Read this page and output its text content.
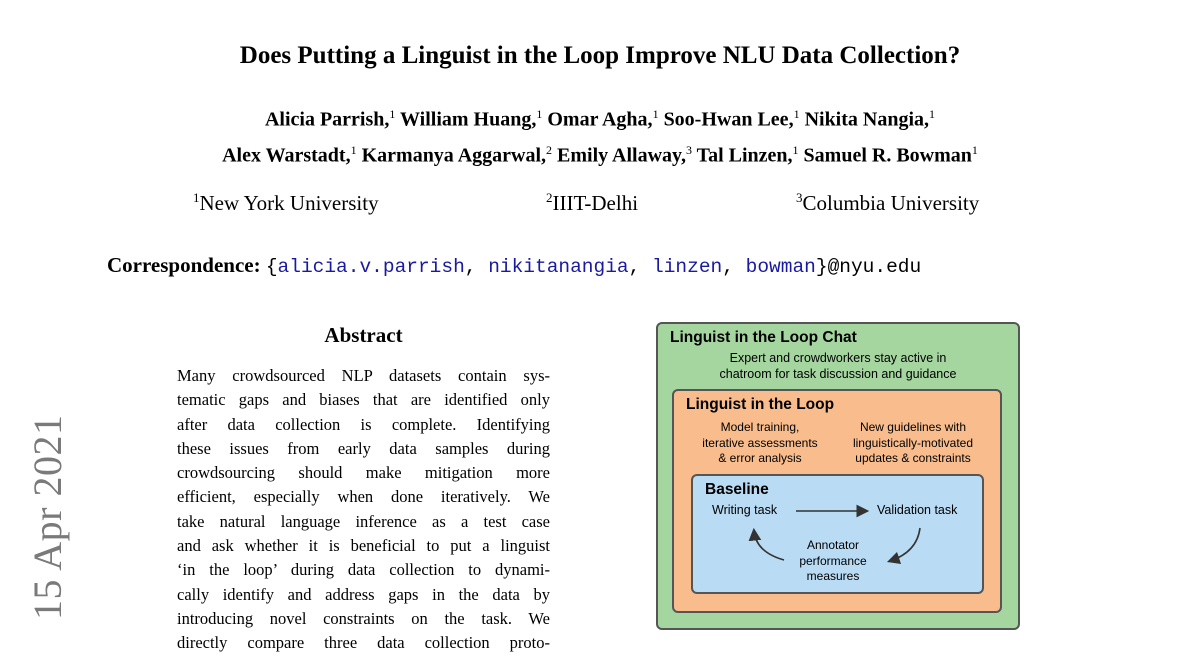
Does Putting a Linguist in the Loop Improve NLU Data Collection?
Alicia Parrish,$^1$ William Huang,$^1$ Omar Agha,$^1$ Soo-Hwan Lee,$^1$ Nikita Nangia,$^1$
Alex Warstadt,$^1$ Karmanya Aggarwal,$^2$ Emily Allaway,$^3$ Tal Linzen,$^1$ Samuel R. Bowman$^1$
$^1$New York University	$^2$IIIT-Delhi	$^3$Columbia University
Correspondence: {alicia.v.parrish, nikitanangia, linzen, bowman}@nyu.edu
15 Apr 2021
Abstract
Many crowdsourced NLP datasets contain sys-
tematic gaps and biases that are identified only
after data collection is complete. Identifying
these issues from early data samples during
crowdsourcing should make mitigation more
efficient, especially when done iteratively. We
take natural language inference as a test case
and ask whether it is beneficial to put a linguist
‘in the loop’ during data collection to dynami-
cally identify and address gaps in the data by
introducing novel constraints on the task. We
directly compare three data collection proto-
Linguist in the Loop Chat
Expert and crowdworkers stay active in
chatroom for task discussion and guidance
Linguist in the Loop
Model training,
iterative assessments
& error analysis
New guidelines with
linguistically-motivated
updates & constraints
Baseline
Writing task	Validation task
Annotator
performance
measures
